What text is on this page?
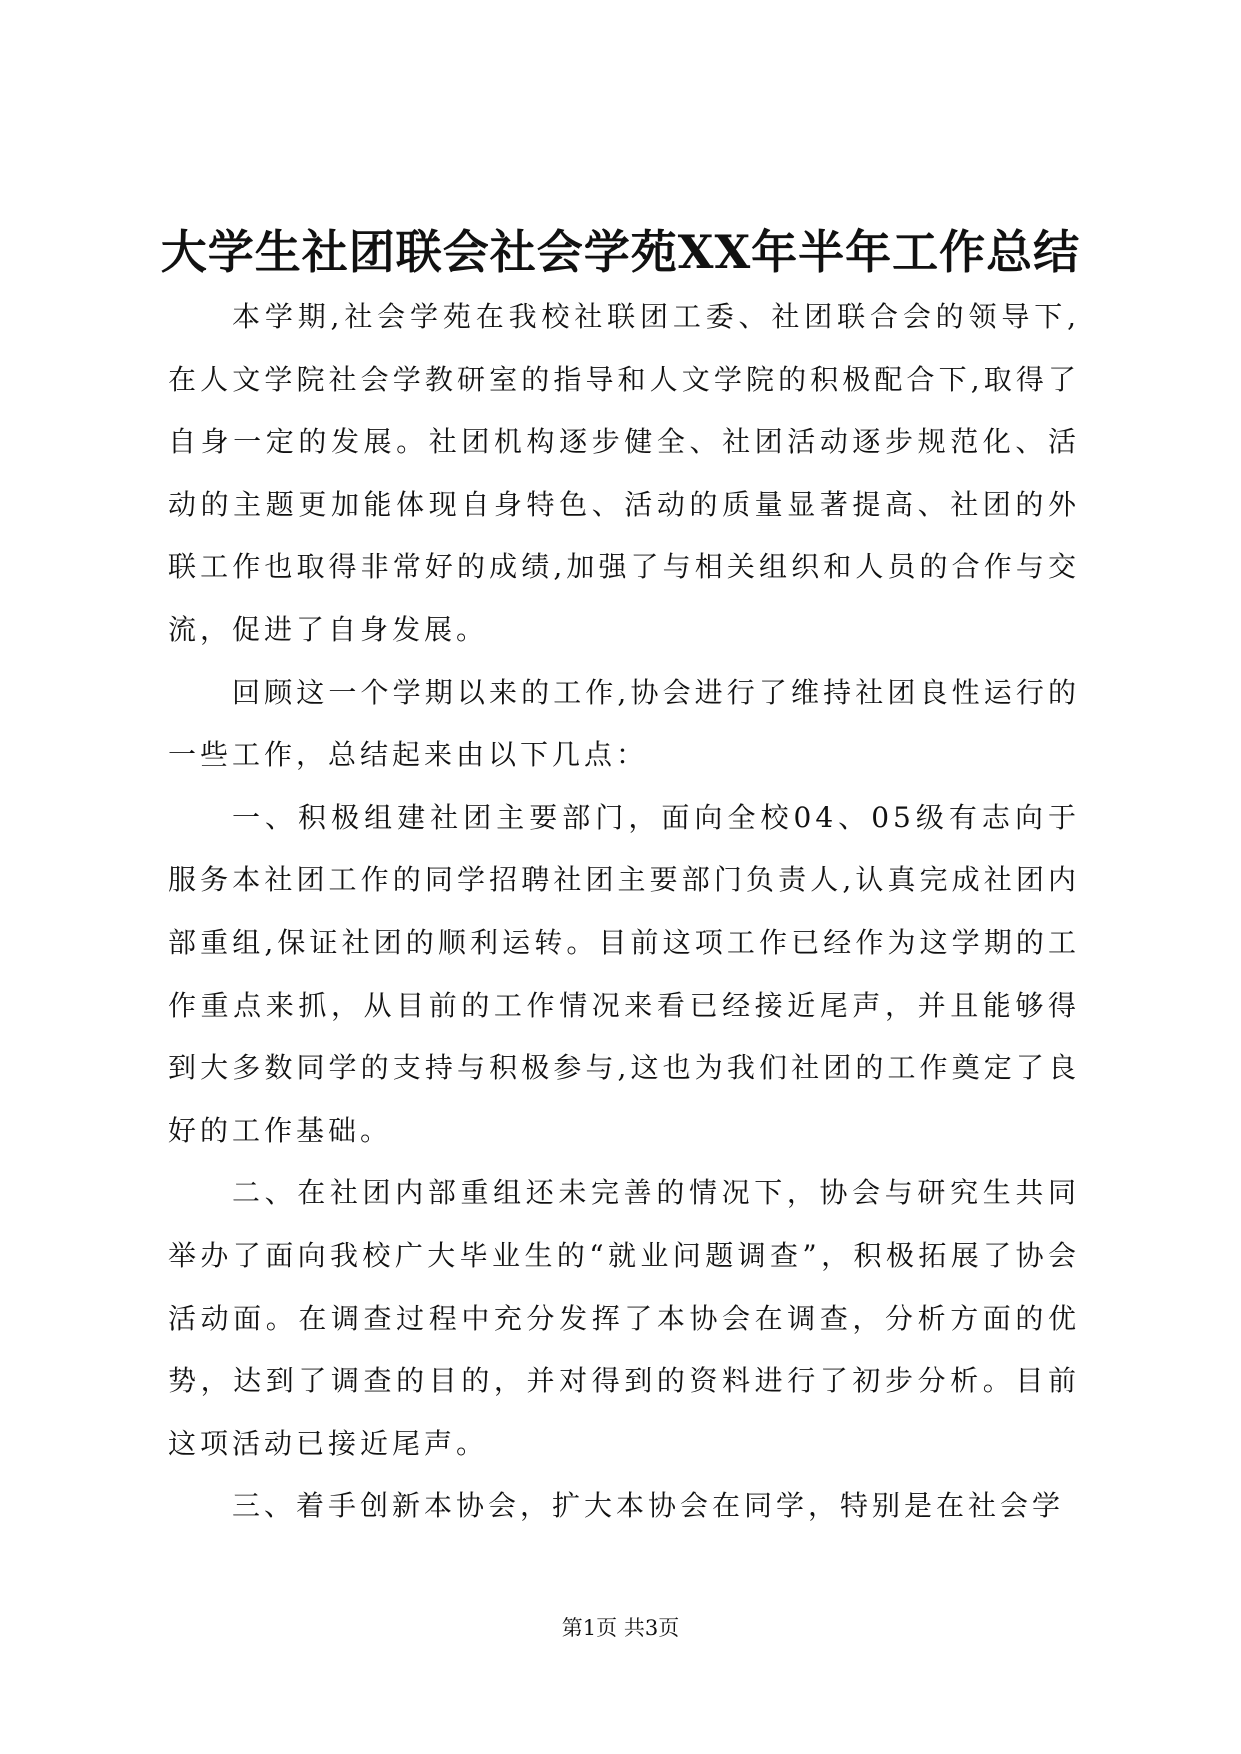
大学生社团联会社会学苑XX年半年工作总结

本学期,社会学苑在我校社联团工委、社团联合会的领导下,在人文学院社会学教研室的指导和人文学院的积极配合下,取得了自身一定的发展。社团机构逐步健全、社团活动逐步规范化、活动的主题更加能体现自身特色、活动的质量显著提高、社团的外联工作也取得非常好的成绩,加强了与相关组织和人员的合作与交流，促进了自身发展。

回顾这一个学期以来的工作,协会进行了维持社团良性运行的一些工作，总结起来由以下几点：

一、积极组建社团主要部门，面向全校04、05级有志向于服务本社团工作的同学招聘社团主要部门负责人,认真完成社团内部重组,保证社团的顺利运转。目前这项工作已经作为这学期的工作重点来抓，从目前的工作情况来看已经接近尾声，并且能够得到大多数同学的支持与积极参与,这也为我们社团的工作奠定了良好的工作基础。

二、在社团内部重组还未完善的情况下，协会与研究生共同举办了面向我校广大毕业生的“就业问题调查”，积极拓展了协会活动面。在调查过程中充分发挥了本协会在调查，分析方面的优势，达到了调查的目的，并对得到的资料进行了初步分析。目前这项活动已接近尾声。

三、着手创新本协会，扩大本协会在同学，特别是在社会学

第1页 共3页
